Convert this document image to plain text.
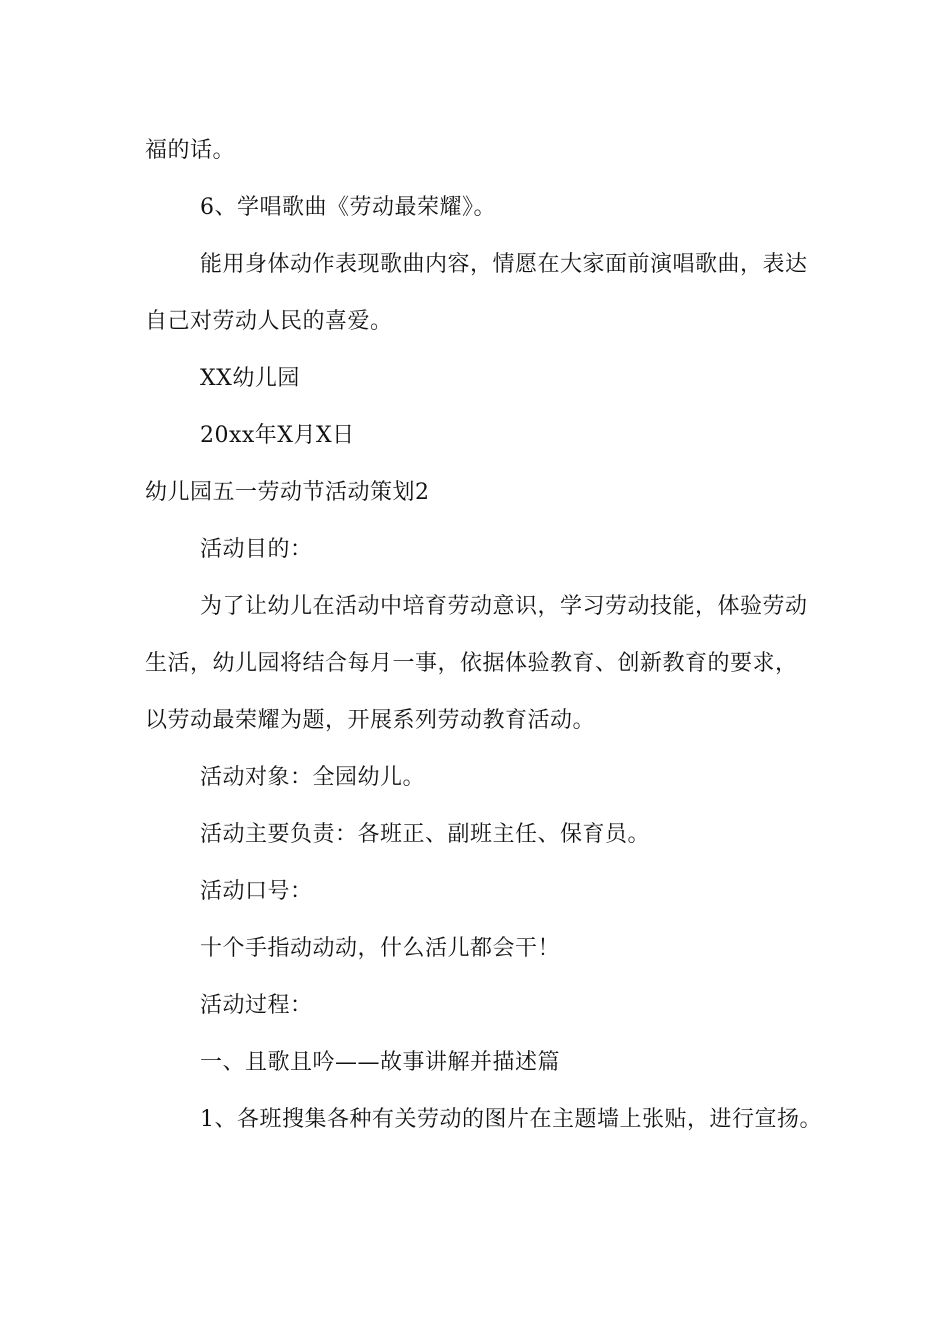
福的话。
6、学唱歌曲《劳动最荣耀》。
能用身体动作表现歌曲内容，情愿在大家面前演唱歌曲，表达
自己对劳动人民的喜爱。
XX幼儿园
20xx年X月X日
幼儿园五一劳动节活动策划2
活动目的：
为了让幼儿在活动中培育劳动意识，学习劳动技能，体验劳动
生活，幼儿园将结合每月一事，依据体验教育、创新教育的要求，
以劳动最荣耀为题，开展系列劳动教育活动。
活动对象：全园幼儿。
活动主要负责：各班正、副班主任、保育员。
活动口号：
十个手指动动动，什么活儿都会干！
活动过程：
一、且歌且吟——故事讲解并描述篇
1、各班搜集各种有关劳动的图片在主题墙上张贴，进行宣扬。
